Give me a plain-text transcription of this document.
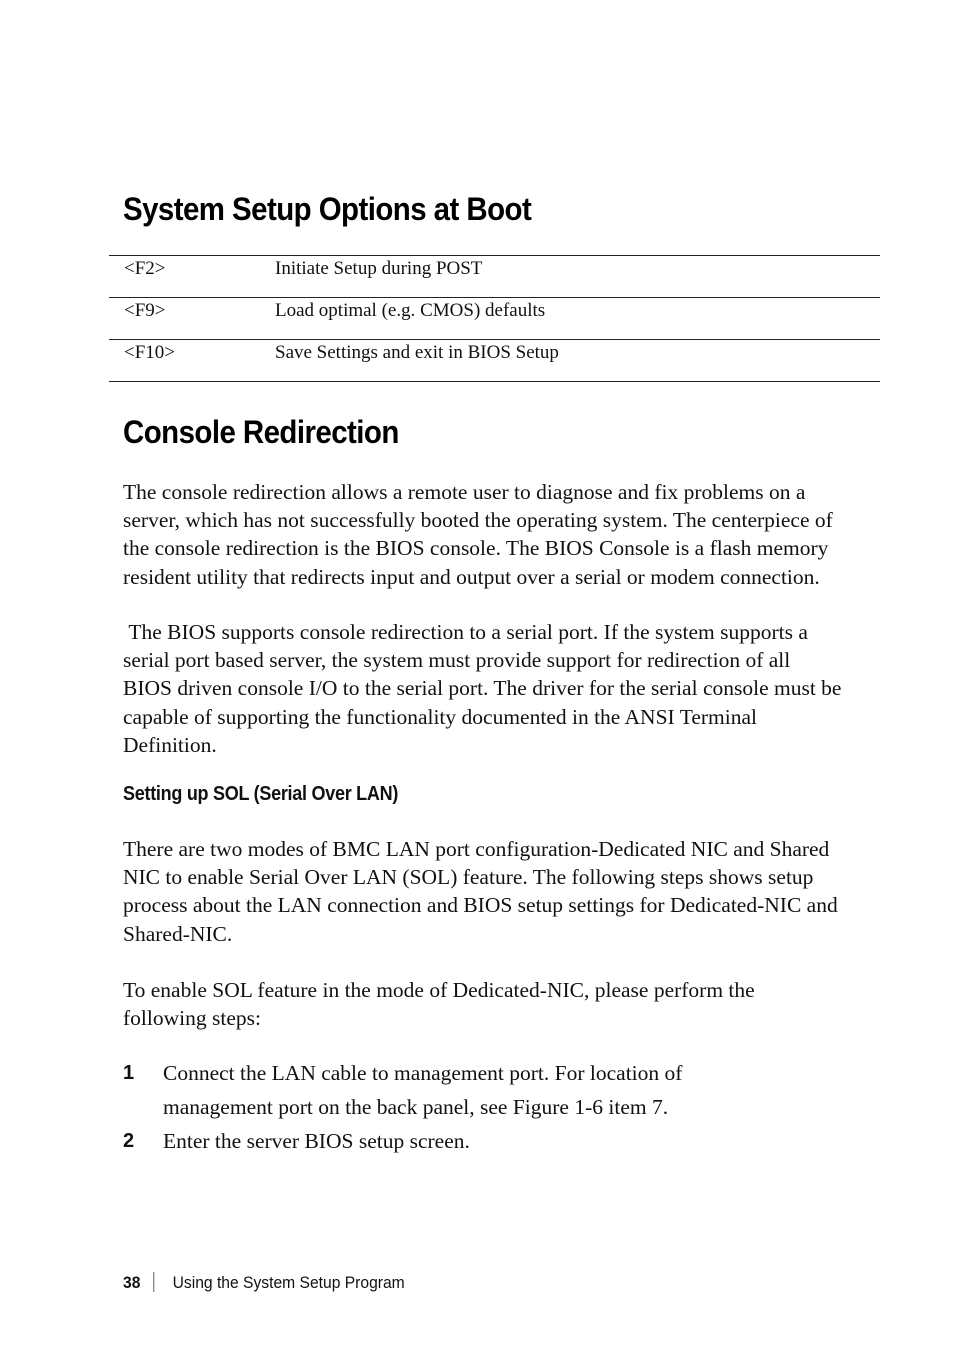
System Setup Options at Boot
<F2>	Initiate Setup during POST
<F9>	Load optimal (e.g. CMOS) defaults
<F10>	Save Settings and exit in BIOS Setup
Console Redirection

The console redirection allows a remote user to diagnose and fix problems on a server, which has not successfully booted the operating system. The centerpiece of the console redirection is the BIOS console. The BIOS Console is a flash memory resident utility that redirects input and output over a serial or modem connection.

The BIOS supports console redirection to a serial port. If the system supports a serial port based server, the system must provide support for redirection of all BIOS driven console I/O to the serial port. The driver for the serial console must be capable of supporting the functionality documented in the ANSI Terminal Definition.

Setting up SOL (Serial Over LAN)

There are two modes of BMC LAN port configuration-Dedicated NIC and Shared NIC to enable Serial Over LAN (SOL) feature. The following steps shows setup process about the LAN connection and BIOS setup settings for Dedicated-NIC and Shared-NIC.

To enable SOL feature in the mode of Dedicated-NIC, please perform the following steps:

1 Connect the LAN cable to management port. For location of management port on the back panel, see Figure 1-6 item 7.
2 Enter the server BIOS setup screen.
38 Using the System Setup Program
